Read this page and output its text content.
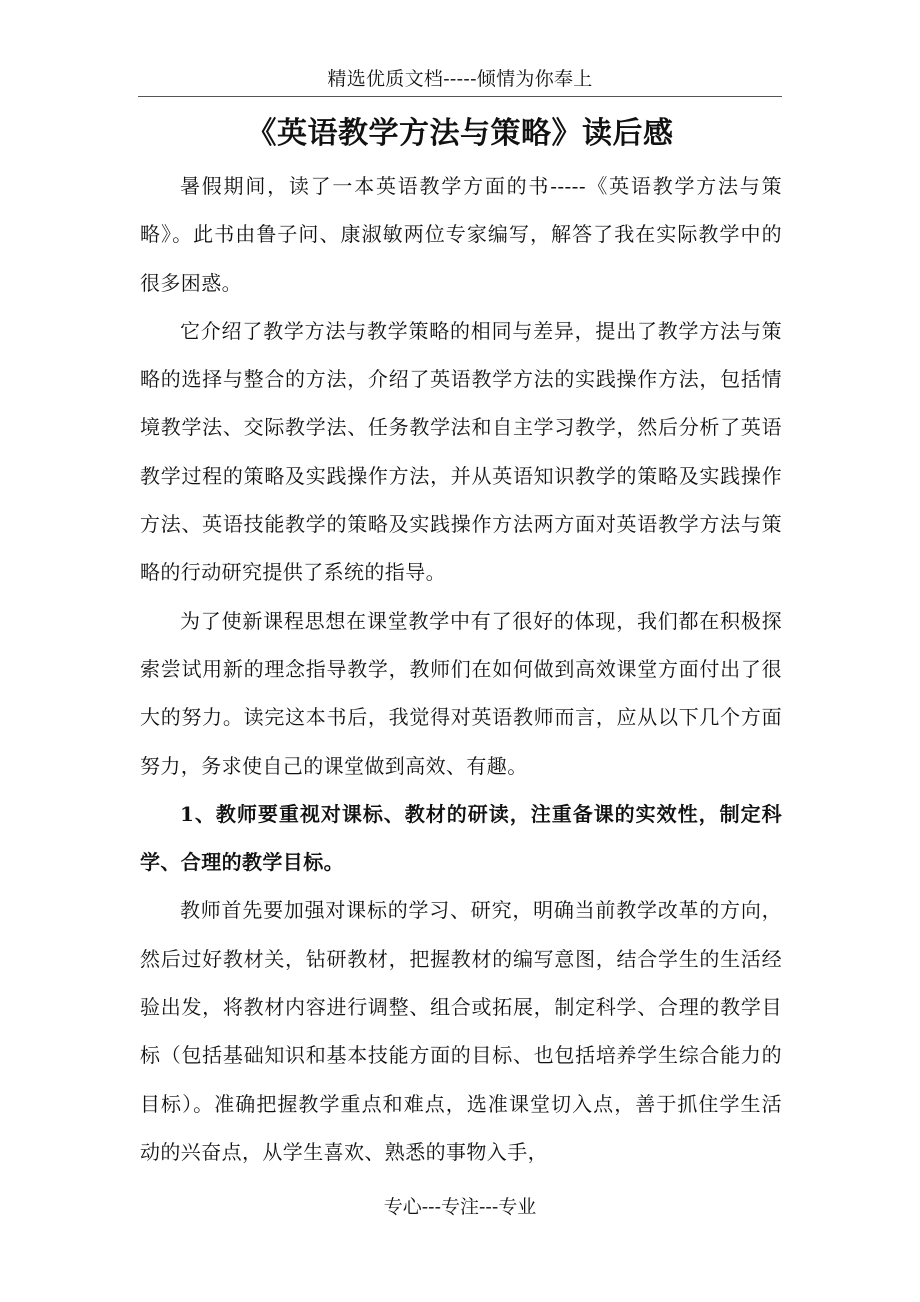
精选优质文档-----倾情为你奉上
《英语教学方法与策略》读后感

暑假期间，读了一本英语教学方面的书-----《英语教学方法与策略》。此书由鲁子问、康淑敏两位专家编写，解答了我在实际教学中的很多困惑。

它介绍了教学方法与教学策略的相同与差异，提出了教学方法与策略的选择与整合的方法，介绍了英语教学方法的实践操作方法，包括情境教学法、交际教学法、任务教学法和自主学习教学，然后分析了英语教学过程的策略及实践操作方法，并从英语知识教学的策略及实践操作方法、英语技能教学的策略及实践操作方法两方面对英语教学方法与策略的行动研究提供了系统的指导。

为了使新课程思想在课堂教学中有了很好的体现，我们都在积极探索尝试用新的理念指导教学，教师们在如何做到高效课堂方面付出了很大的努力。读完这本书后，我觉得对英语教师而言，应从以下几个方面努力，务求使自己的课堂做到高效、有趣。

1、教师要重视对课标、教材的研读，注重备课的实效性，制定科学、合理的教学目标。

教师首先要加强对课标的学习、研究，明确当前教学改革的方向，然后过好教材关，钻研教材，把握教材的编写意图，结合学生的生活经验出发，将教材内容进行调整、组合或拓展，制定科学、合理的教学目标（包括基础知识和基本技能方面的目标、也包括培养学生综合能力的目标）。准确把握教学重点和难点，选准课堂切入点，善于抓住学生活动的兴奋点，从学生喜欢、熟悉的事物入手，

专心---专注---专业
